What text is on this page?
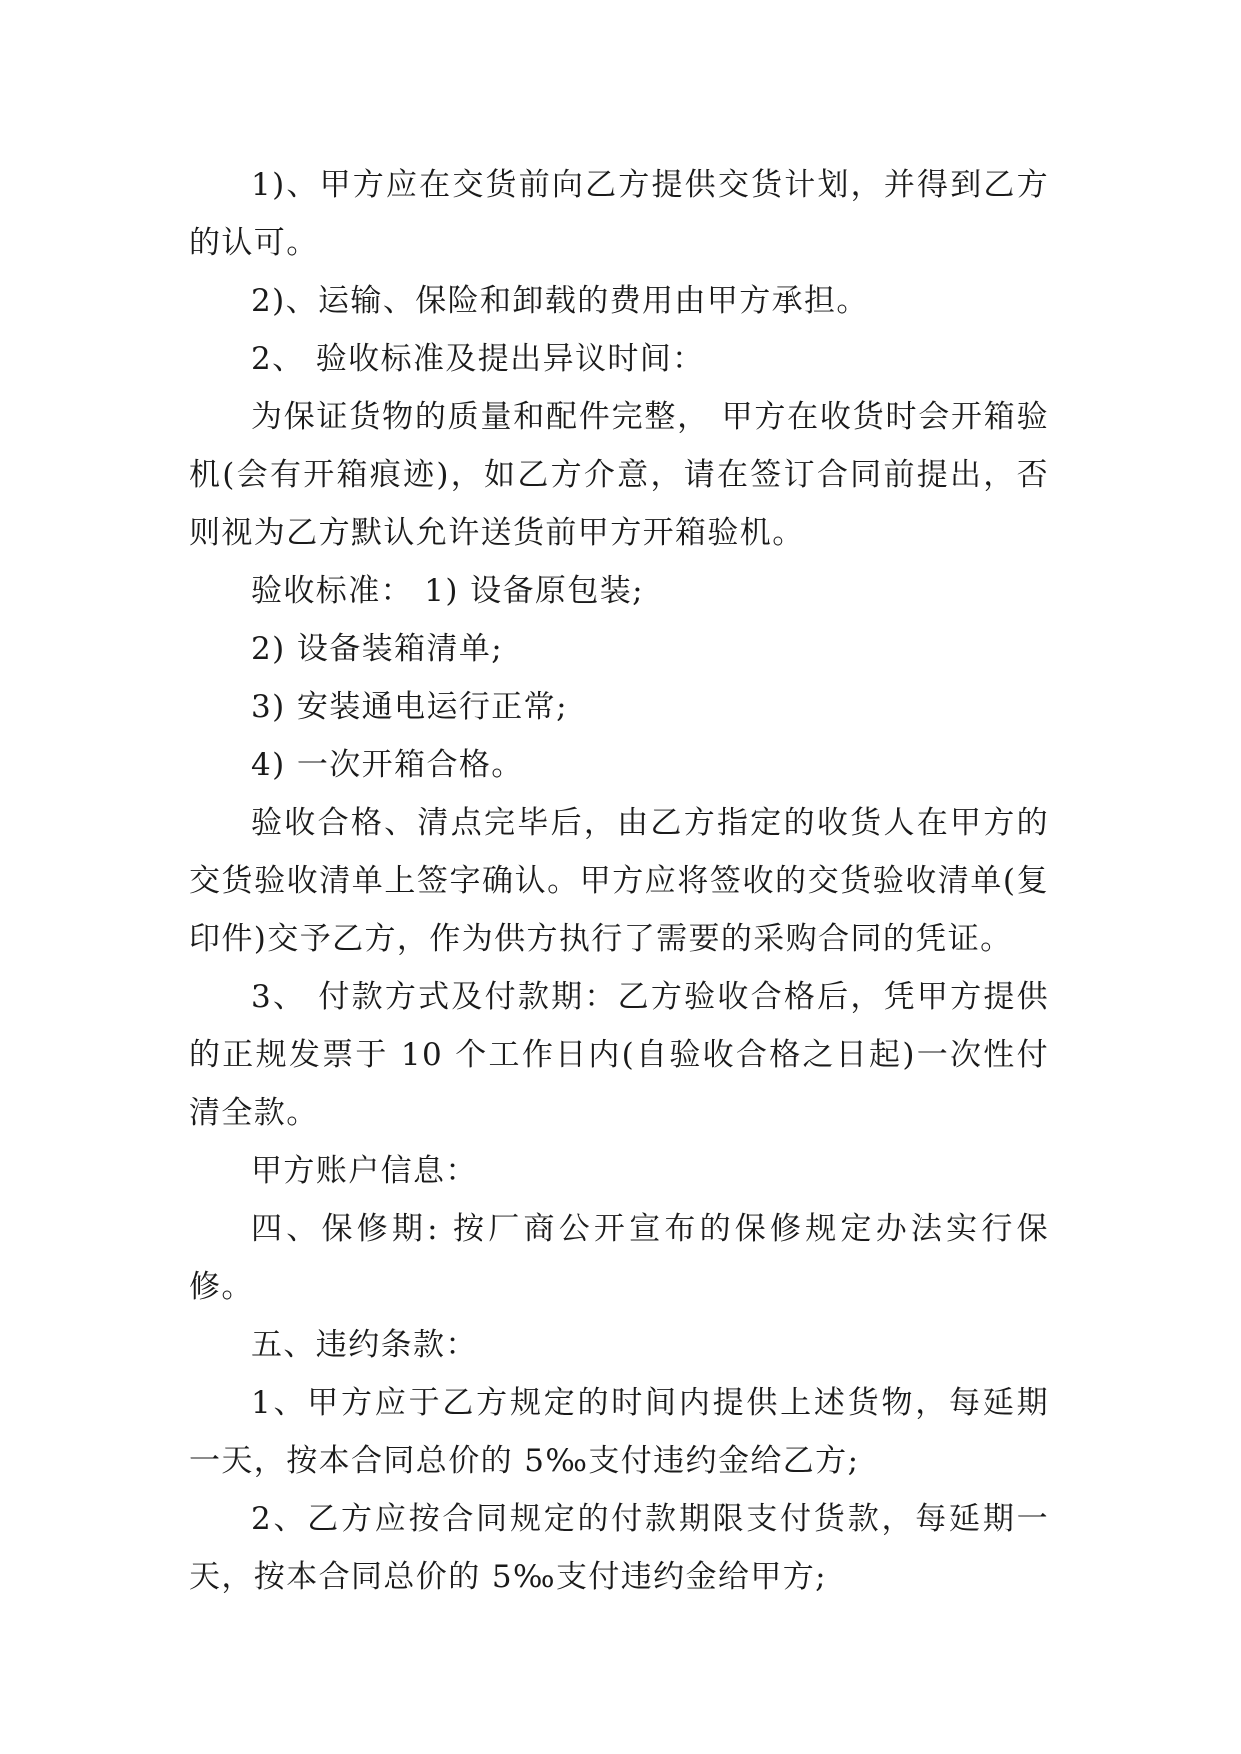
1)、甲方应在交货前向乙方提供交货计划，并得到乙方的认可。

2)、运输、保险和卸载的费用由甲方承担。

2、 验收标准及提出异议时间：

为保证货物的质量和配件完整， 甲方在收货时会开箱验机(会有开箱痕迹)，如乙方介意，请在签订合同前提出，否则视为乙方默认允许送货前甲方开箱验机。

验收标准： 1) 设备原包装;

2) 设备装箱清单;

3) 安装通电运行正常;

4) 一次开箱合格。

验收合格、清点完毕后，由乙方指定的收货人在甲方的交货验收清单上签字确认。甲方应将签收的交货验收清单(复印件)交予乙方，作为供方执行了需要的采购合同的凭证。

3、 付款方式及付款期：乙方验收合格后，凭甲方提供的正规发票于 10 个工作日内(自验收合格之日起)一次性付清全款。

甲方账户信息：

四、保修期: 按厂商公开宣布的保修规定办法实行保修。

五、违约条款：

1、甲方应于乙方规定的时间内提供上述货物，每延期一天，按本合同总价的 5‰支付违约金给乙方;

2、乙方应按合同规定的付款期限支付货款，每延期一天，按本合同总价的 5‰支付违约金给甲方;
